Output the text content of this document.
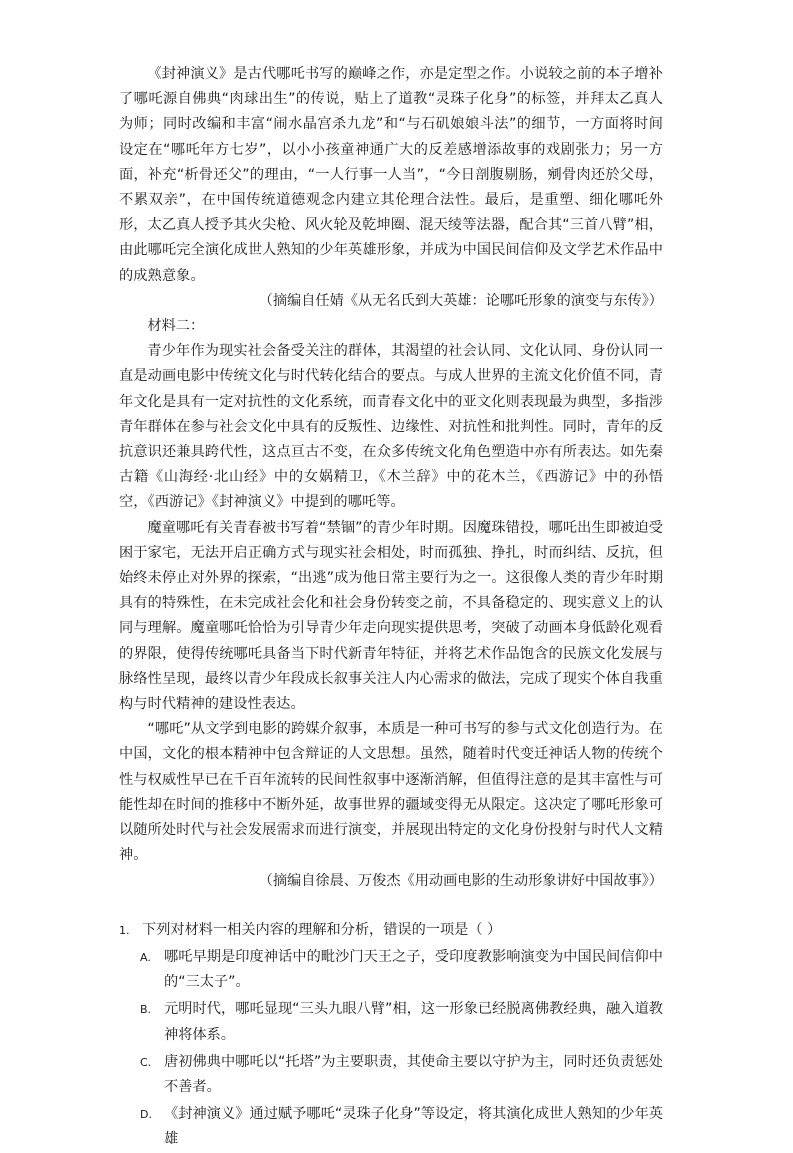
《封神演义》是古代哪吒书写的巅峰之作，亦是定型之作。小说较之前的本子增补了哪吒源自佛典“肉球出生”的传说，贴上了道教“灵珠子化身”的标签，并拜太乙真人为师；同时改编和丰富“闹水晶宫杀九龙”和“与石矶娘娘斗法”的细节，一方面将时间设定在“哪吒年方七岁”，以小小孩童神通广大的反差感增添故事的戏剧张力；另一方面，补充“析骨还父”的理由，“一人行事一人当”，“今日剖腹剔肠，剜骨肉还於父母，不累双亲”，在中国传统道德观念内建立其伦理合法性。最后，是重塑、细化哪吒外形，太乙真人授予其火尖枪、风火轮及乾坤圈、混天绫等法器，配合其“三首八臂”相，由此哪吒完全演化成世人熟知的少年英雄形象，并成为中国民间信仰及文学艺术作品中的成熟意象。

（摘编自任婧《从无名氏到大英雄：论哪吒形象的演变与东传》）

材料二：

青少年作为现实社会备受关注的群体，其渴望的社会认同、文化认同、身份认同一直是动画电影中传统文化与时代转化结合的要点。与成人世界的主流文化价值不同，青年文化是具有一定对抗性的文化系统，而青春文化中的亚文化则表现最为典型，多指涉青年群体在参与社会文化中具有的反叛性、边缘性、对抗性和批判性。同时，青年的反抗意识还兼具跨代性，这点亘古不变，在众多传统文化角色塑造中亦有所表达。如先秦古籍《山海经·北山经》中的女娲精卫，《木兰辞》中的花木兰，《西游记》中的孙悟空，《西游记》《封神演义》中提到的哪吒等。

魔童哪吒有关青春被书写着“禁锢”的青少年时期。因魔珠错投，哪吒出生即被迫受困于家宅，无法开启正确方式与现实社会相处，时而孤独、挣扎，时而纠结、反抗，但始终未停止对外界的探索，“出逃”成为他日常主要行为之一。这很像人类的青少年时期具有的特殊性，在未完成社会化和社会身份转变之前，不具备稳定的、现实意义上的认同与理解。魔童哪吒恰恰为引导青少年走向现实提供思考，突破了动画本身低龄化观看的界限，使得传统哪吒具备当下时代新青年特征，并将艺术作品饱含的民族文化发展与脉络性呈现，最终以青少年段成长叙事关注人内心需求的做法，完成了现实个体自我重构与时代精神的建设性表达。

“哪吒”从文学到电影的跨媒介叙事，本质是一种可书写的参与式文化创造行为。在中国，文化的根本精神中包含辩证的人文思想。虽然，随着时代变迁神话人物的传统个性与权威性早已在千百年流转的民间性叙事中逐渐消解，但值得注意的是其丰富性与可能性却在时间的推移中不断外延，故事世界的疆域变得无从限定。这决定了哪吒形象可以随所处时代与社会发展需求而进行演变，并展现出特定的文化身份投射与时代人文精神。

（摘编自徐晨、万俊杰《用动画电影的生动形象讲好中国故事》）

1. 下列对材料一相关内容的理解和分析，错误的一项是（ ）

A. 哪吒早期是印度神话中的毗沙门天王之子，受印度教影响演变为中国民间信仰中的“三太子”。

B. 元明时代，哪吒显现“三头九眼八臂”相，这一形象已经脱离佛教经典，融入道教神将体系。

C. 唐初佛典中哪吒以“托塔”为主要职责，其使命主要以守护为主，同时还负责惩处不善者。

D. 《封神演义》通过赋予哪吒“灵珠子化身”等设定，将其演化成世人熟知的少年英雄
